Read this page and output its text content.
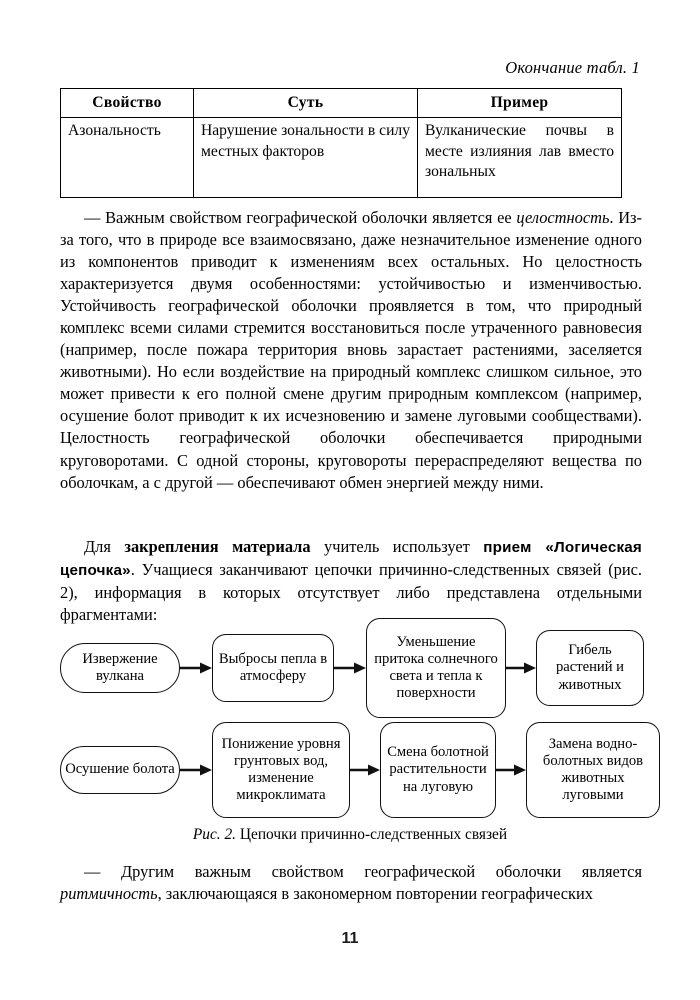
Окончание табл. 1
Свойство	Суть	Пример
Азональность	Нарушение зональности в силу местных факторов	Вулканические почвы в месте излияния лав вместо зональных
— Важным свойством географической оболочки является ее целостность. Из-за того, что в природе все взаимосвязано, даже незначительное изменение одного из компонентов приводит к изменениям всех остальных. Но целостность характеризуется двумя особенностями: устойчивостью и изменчивостью. Устойчивость географической оболочки проявляется в том, что природный комплекс всеми силами стремится восстановиться после утраченного равновесия (например, после пожара территория вновь зарастает растениями, заселяется животными). Но если воздействие на природный комплекс слишком сильное, это может привести к его полной смене другим природным комплексом (например, осушение болот приводит к их исчезновению и замене луговыми сообществами). Целостность географической оболочки обеспечивается природными круговоротами. С одной стороны, круговороты перераспределяют вещества по оболочкам, а с другой — обеспечивают обмен энергией между ними.
Для закрепления материала учитель использует прием «Логическая цепочка». Учащиеся заканчивают цепочки причинно-следственных связей (рис. 2), информация в которых отсутствует либо представлена отдельными фрагментами:
Извержение вулкана
Выбросы пепла в атмосферу
Уменьшение притока солнечного света и тепла к поверхности
Гибель растений и животных
Осушение болота
Понижение уровня грунтовых вод, изменение микроклимата
Смена болотной растительности на луговую
Замена водно-болотных видов животных луговыми
Рис. 2. Цепочки причинно-следственных связей
— Другим важным свойством географической оболочки является ритмичность, заключающаяся в закономерном повторении географических
11
